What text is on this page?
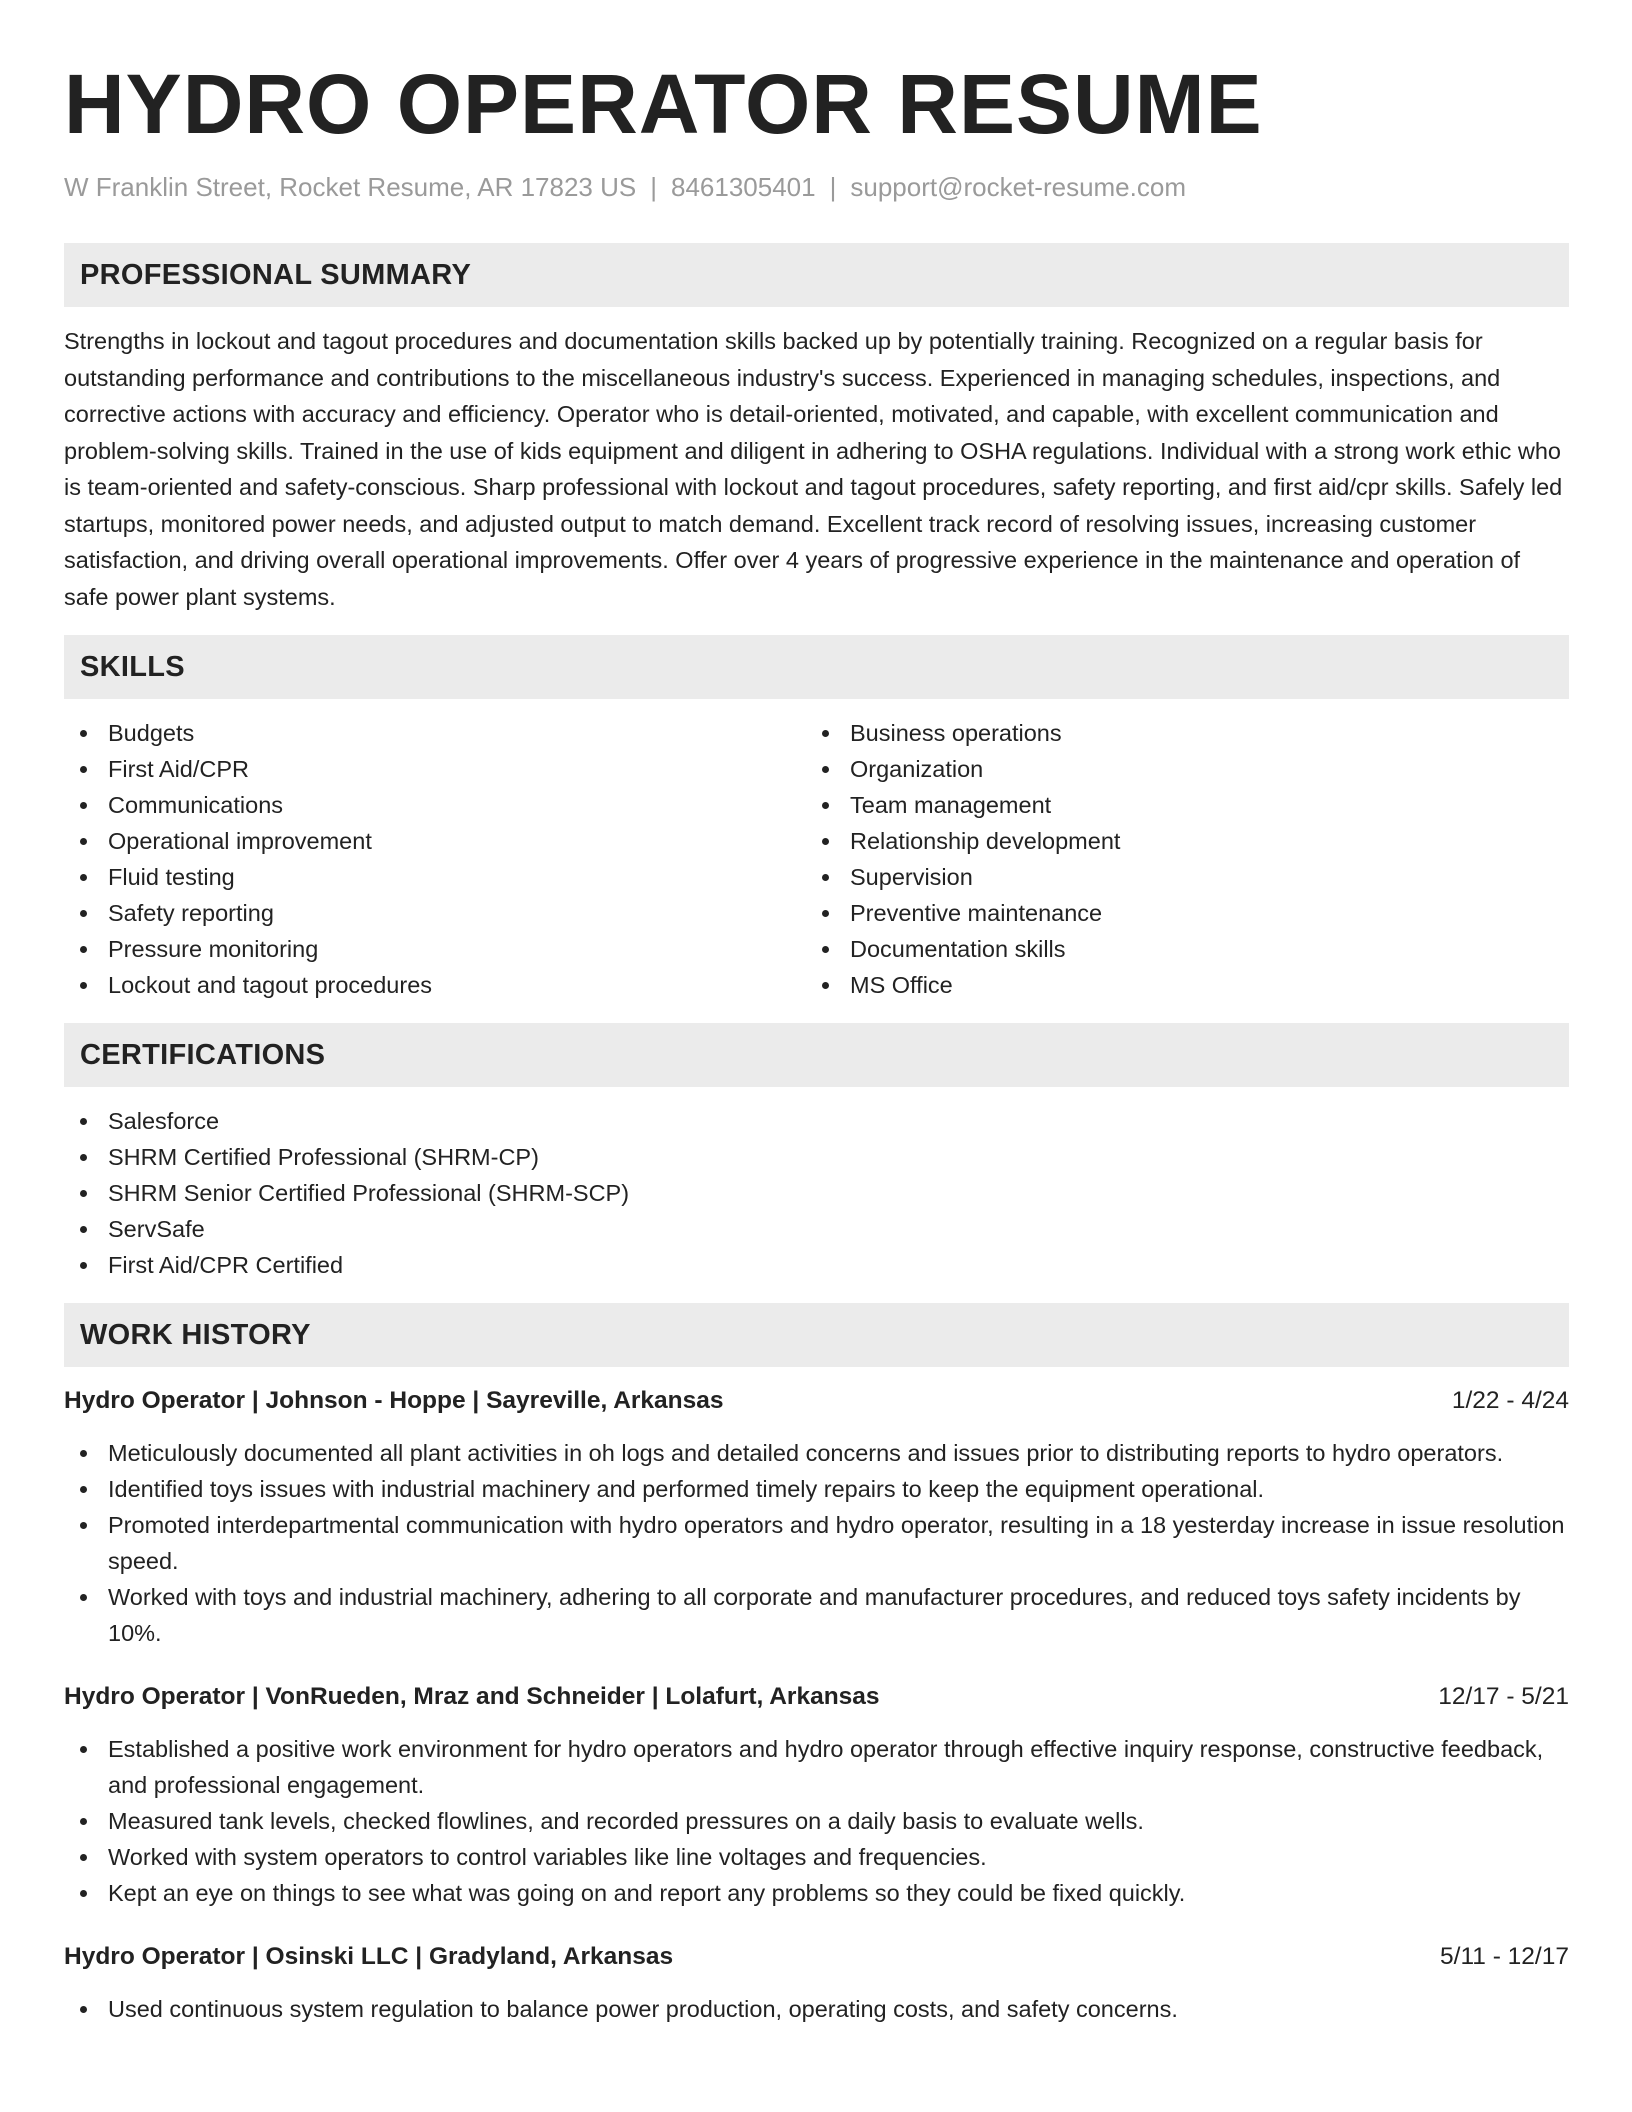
HYDRO OPERATOR RESUME
W Franklin Street, Rocket Resume, AR 17823 US | 8461305401 | support@rocket-resume.com
PROFESSIONAL SUMMARY

Strengths in lockout and tagout procedures and documentation skills backed up by potentially training. Recognized on a regular basis for outstanding performance and contributions to the miscellaneous industry's success. Experienced in managing schedules, inspections, and corrective actions with accuracy and efficiency. Operator who is detail-oriented, motivated, and capable, with excellent communication and problem-solving skills. Trained in the use of kids equipment and diligent in adhering to OSHA regulations. Individual with a strong work ethic who is team-oriented and safety-conscious. Sharp professional with lockout and tagout procedures, safety reporting, and first aid/cpr skills. Safely led startups, monitored power needs, and adjusted output to match demand. Excellent track record of resolving issues, increasing customer satisfaction, and driving overall operational improvements. Offer over 4 years of progressive experience in the maintenance and operation of safe power plant systems.

SKILLS
Budgets
First Aid/CPR
Communications
Operational improvement
Fluid testing
Safety reporting
Pressure monitoring
Lockout and tagout procedures
Business operations
Organization
Team management
Relationship development
Supervision
Preventive maintenance
Documentation skills
MS Office
CERTIFICATIONS
Salesforce
SHRM Certified Professional (SHRM-CP)
SHRM Senior Certified Professional (SHRM-SCP)
ServSafe
First Aid/CPR Certified
WORK HISTORY
Hydro Operator | Johnson - Hoppe | Sayreville, Arkansas	1/22 - 4/24
Meticulously documented all plant activities in oh logs and detailed concerns and issues prior to distributing reports to hydro operators.
Identified toys issues with industrial machinery and performed timely repairs to keep the equipment operational.
Promoted interdepartmental communication with hydro operators and hydro operator, resulting in a 18 yesterday increase in issue resolution speed.
Worked with toys and industrial machinery, adhering to all corporate and manufacturer procedures, and reduced toys safety incidents by 10%.
Hydro Operator | VonRueden, Mraz and Schneider | Lolafurt, Arkansas	12/17 - 5/21
Established a positive work environment for hydro operators and hydro operator through effective inquiry response, constructive feedback, and professional engagement.
Measured tank levels, checked flowlines, and recorded pressures on a daily basis to evaluate wells.
Worked with system operators to control variables like line voltages and frequencies.
Kept an eye on things to see what was going on and report any problems so they could be fixed quickly.
Hydro Operator | Osinski LLC | Gradyland, Arkansas	5/11 - 12/17
Used continuous system regulation to balance power production, operating costs, and safety concerns.
